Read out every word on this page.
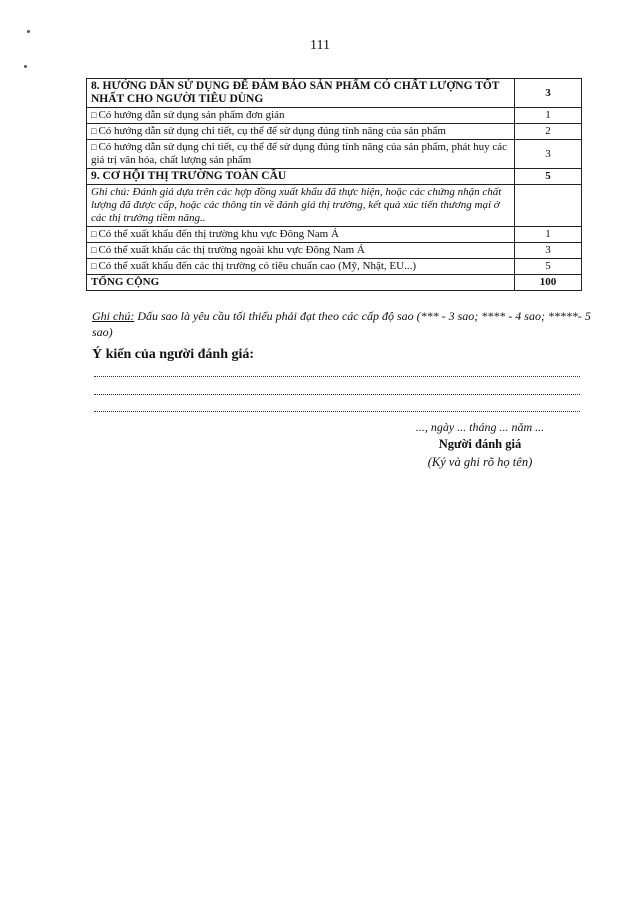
111
8. HƯỚNG DẪN SỬ DỤNG ĐỂ ĐẢM BẢO SẢN PHẨM CÓ CHẤT LƯỢNG TỐT NHẤT CHO NGƯỜI TIÊU DÙNG	3
□ Có hướng dẫn sử dụng sản phẩm đơn giản	1
□ Có hướng dẫn sử dụng chi tiết, cụ thể để sử dụng đúng tính năng của sản phẩm	2
□ Có hướng dẫn sử dụng chi tiết, cụ thể để sử dụng đúng tính năng của sản phẩm, phát huy các giá trị văn hóa, chất lượng sản phẩm	3
9. CƠ HỘI THỊ TRƯỜNG TOÀN CẦU	5
Ghi chú: Đánh giá dựa trên các hợp đồng xuất khẩu đã thực hiện, hoặc các chứng nhận chất lượng đã được cấp, hoặc các thông tin về đánh giá thị trường, kết quả xúc tiến thương mại ở các thị trường tiềm năng..	
□ Có thể xuất khẩu đến thị trường khu vực Đông Nam Á	1
□ Có thể xuất khẩu các thị trường ngoài khu vực Đông Nam Á	3
□ Có thể xuất khẩu đến các thị trường có tiêu chuẩn cao (Mỹ, Nhật, EU...)	5
TỔNG CỘNG	100
Ghi chú: Dấu sao là yêu cầu tối thiểu phải đạt theo các cấp độ sao (*** - 3 sao; **** - 4 sao; *****- 5 sao)
Ý kiến của người đánh giá:
..., ngày ... tháng ... năm ...
Người đánh giá
(Ký và ghi rõ họ tên)
